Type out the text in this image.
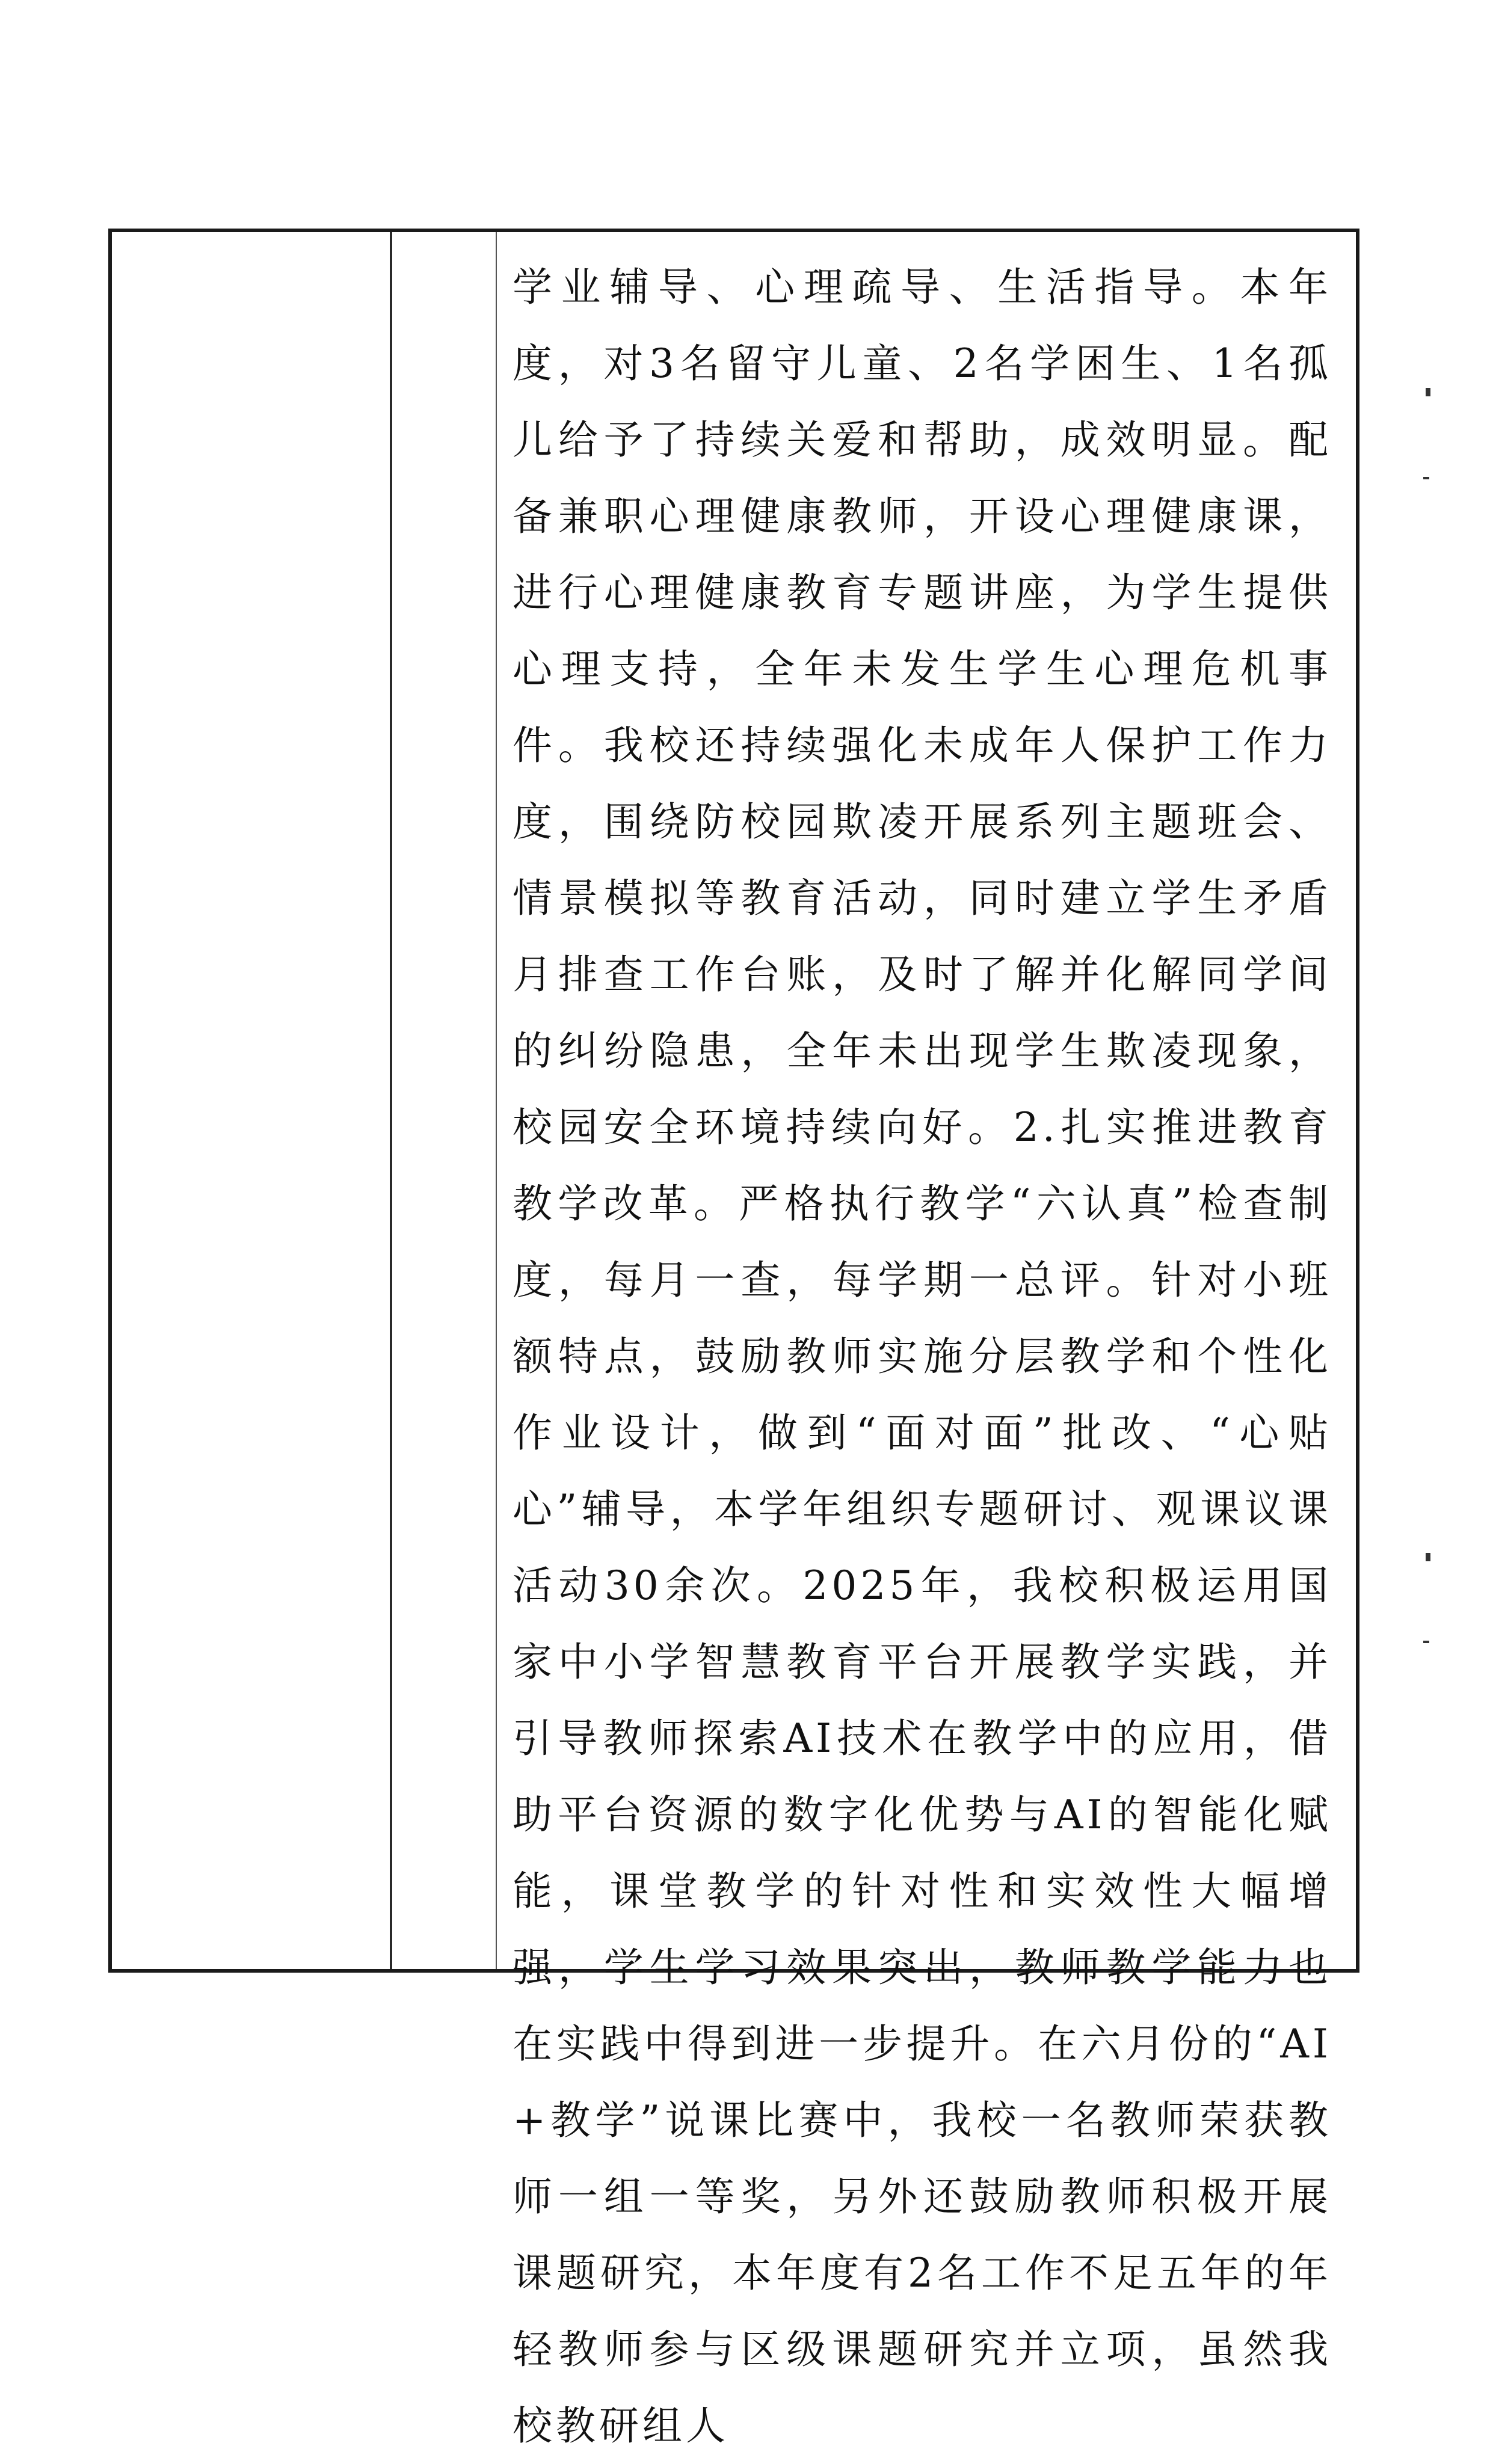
学业辅导、心理疏导、生活指导。本年度，对3名留守儿童、2名学困生、1名孤儿给予了持续关爱和帮助，成效明显。配备兼职心理健康教师，开设心理健康课，进行心理健康教育专题讲座，为学生提供心理支持，全年未发生学生心理危机事件。我校还持续强化未成年人保护工作力度，围绕防校园欺凌开展系列主题班会、情景模拟等教育活动，同时建立学生矛盾月排查工作台账，及时了解并化解同学间的纠纷隐患，全年未出现学生欺凌现象，校园安全环境持续向好。2.扎实推进教育教学改革。严格执行教学“六认真”检查制度，每月一查，每学期一总评。针对小班额特点，鼓励教师实施分层教学和个性化作业设计，做到“面对面”批改、“心贴心”辅导，本学年组织专题研讨、观课议课活动30余次。2025年，我校积极运用国家中小学智慧教育平台开展教学实践，并引导教师探索AI技术在教学中的应用，借助平台资源的数字化优势与AI的智能化赋能，课堂教学的针对性和实效性大幅增强，学生学习效果突出，教师教学能力也在实践中得到进一步提升。在六月份的“AI+教学”说课比赛中，我校一名教师荣获教师一组一等奖，另外还鼓励教师积极开展课题研究，本年度有2名工作不足五年的年轻教师参与区级课题研究并立项，虽然我校教研组人
